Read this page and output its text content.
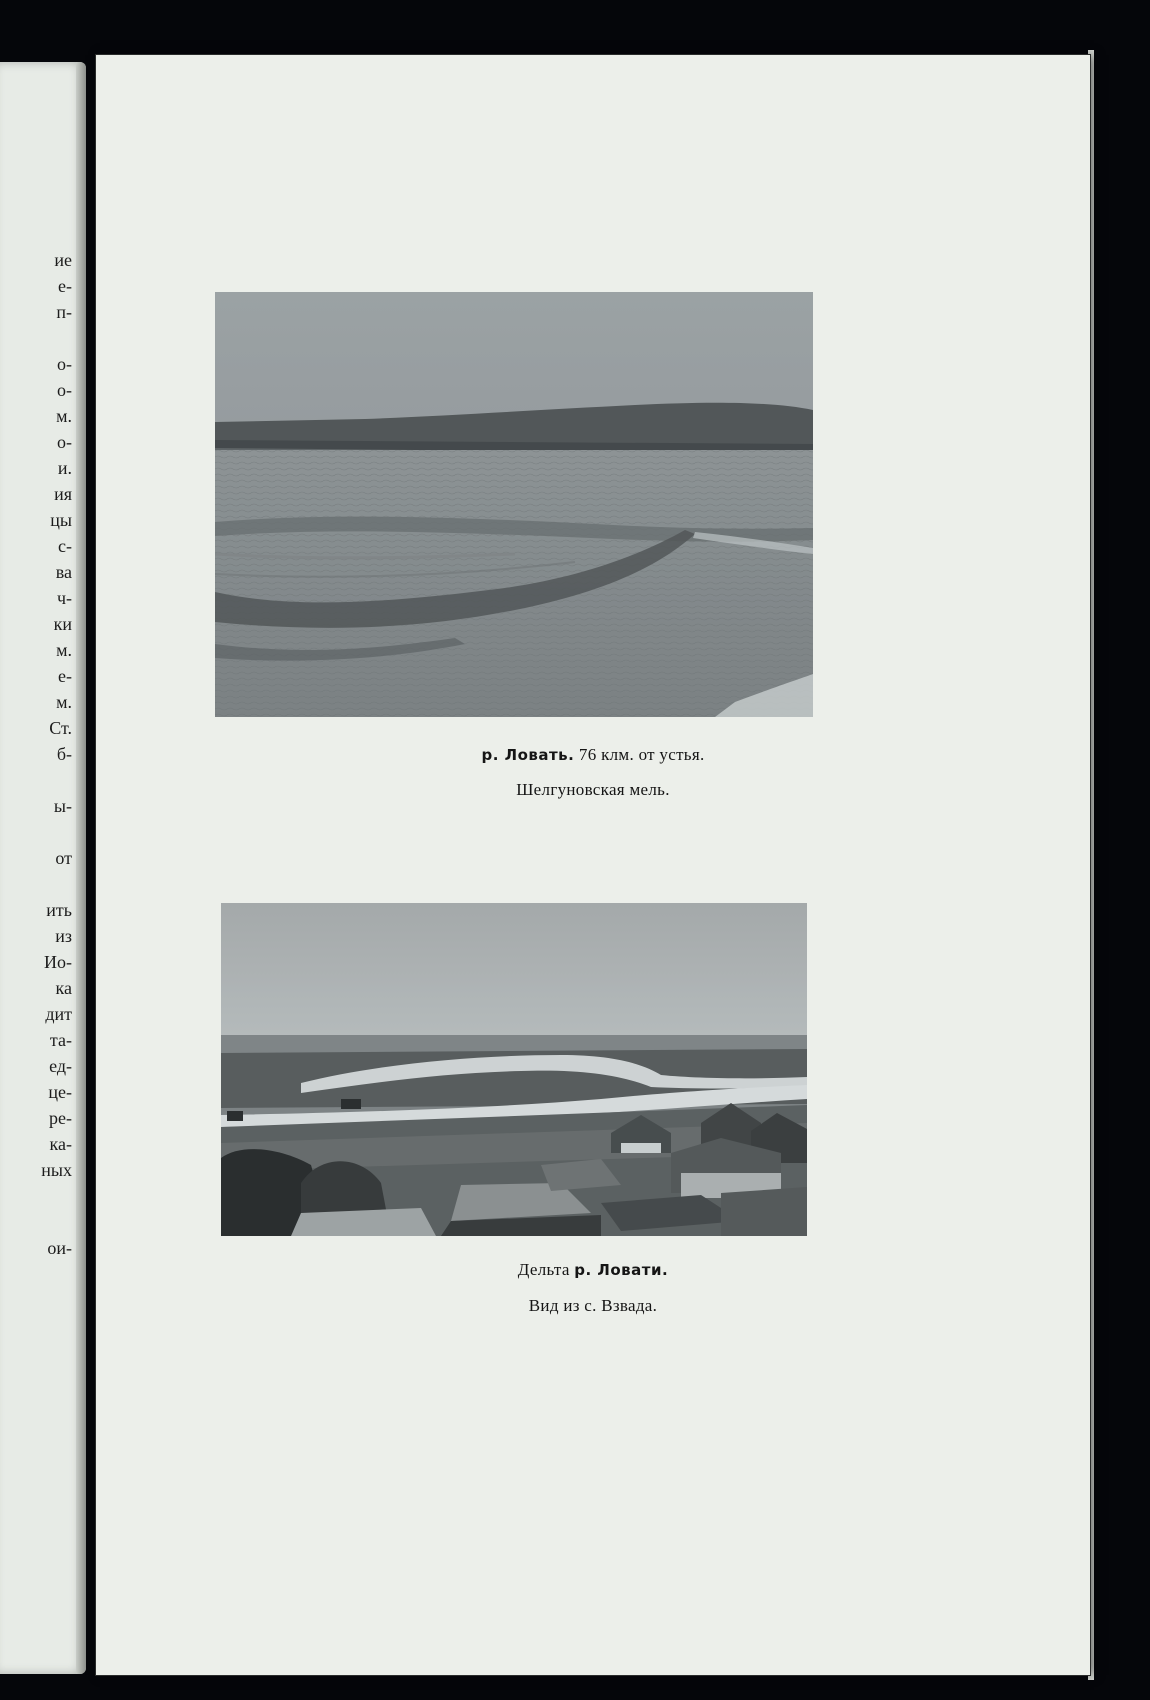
ие
е-
п-
о-
о-
м.
о-
и.
ия
цы
с-
ва
ч-
ки
м.
е-
м.
Ст.
б-
ы-
от
ить
из
Ио-
ка
дит
та-
ед-
це-
ре-
ка-
ных
ои-
р. Ловать. 76 клм. от устья.
Шелгуновская мель.
Дельта р. Ловати.
Вид из с. Взвада.
